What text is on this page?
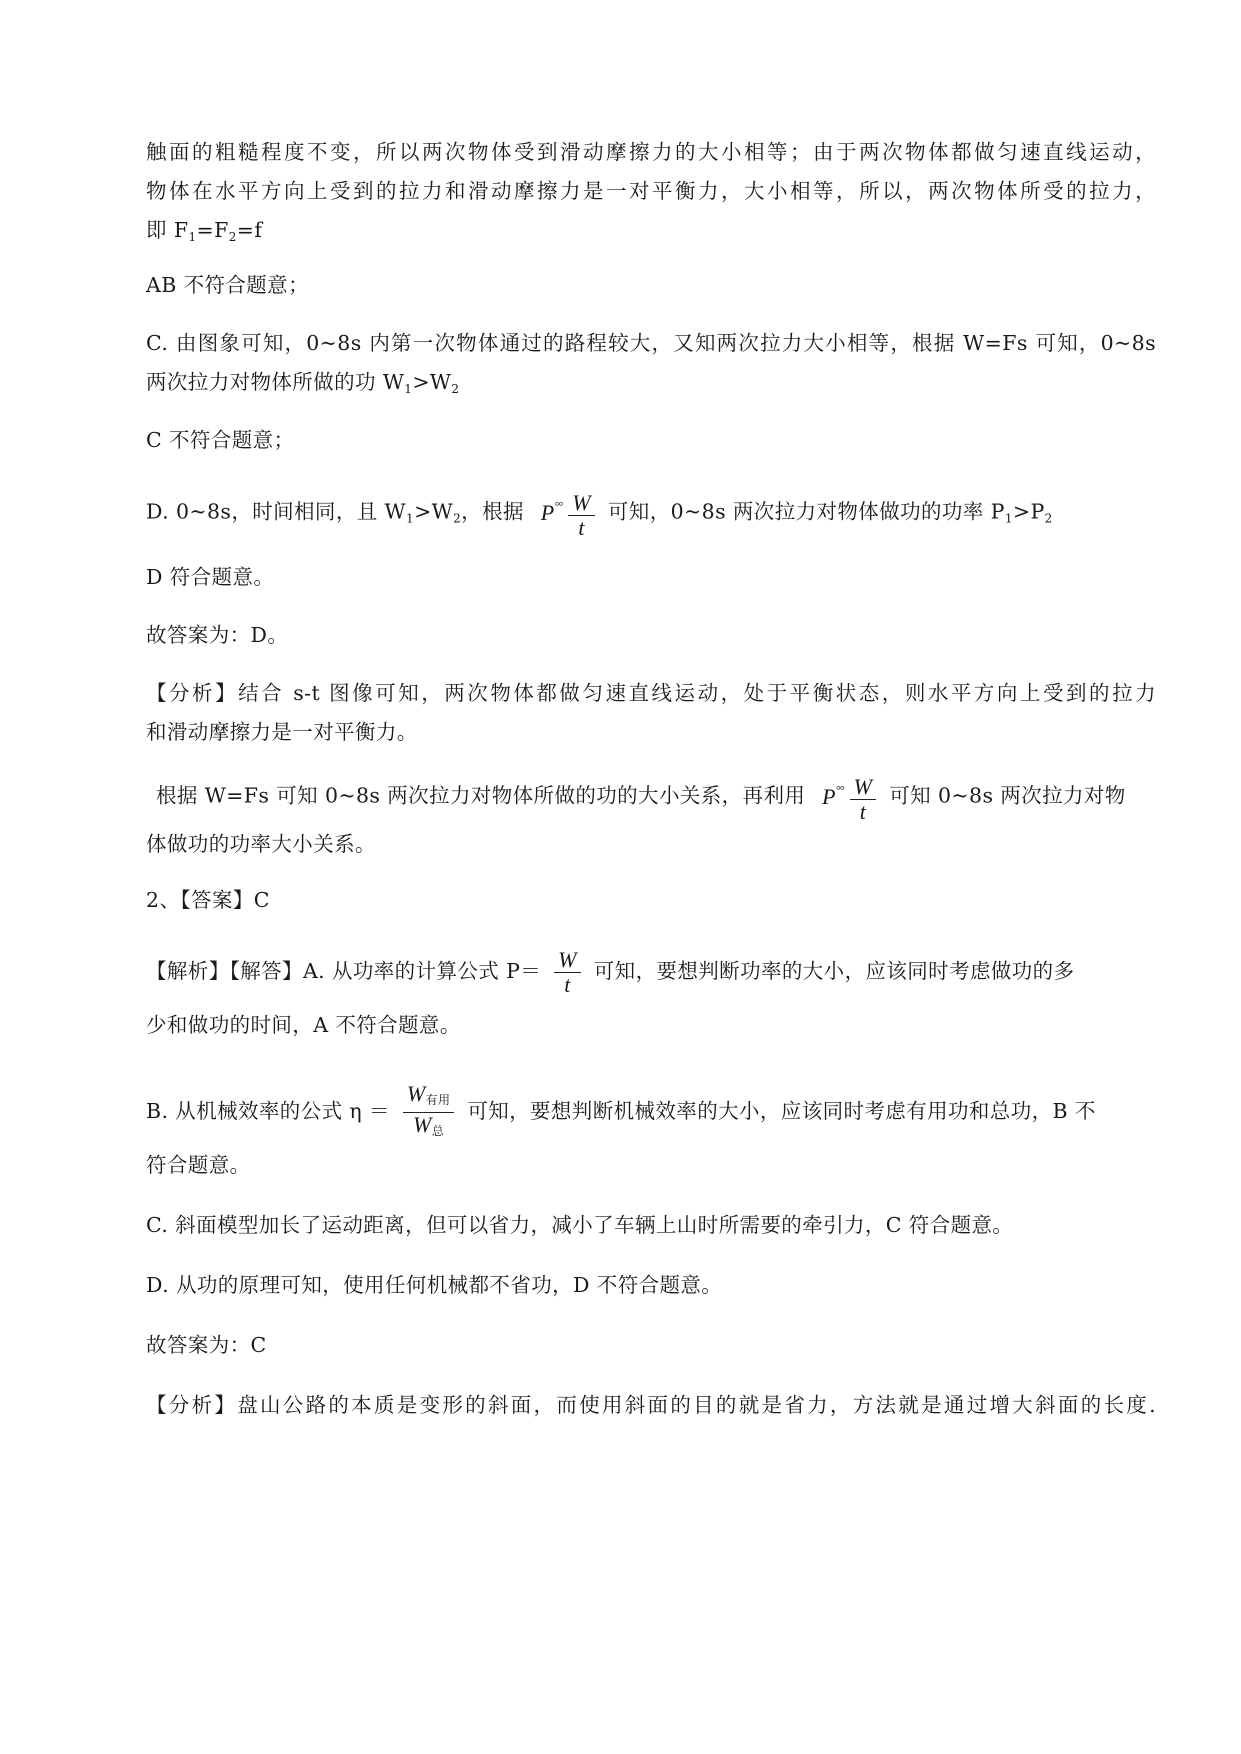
触面的粗糙程度不变，所以两次物体受到滑动摩擦力的大小相等；由于两次物体都做匀速直线运动，
物体在水平方向上受到的拉力和滑动摩擦力是一对平衡力，大小相等，所以，两次物体所受的拉力，
即 F1=F2=f
AB 不符合题意；
C. 由图象可知，0~8s 内第一次物体通过的路程较大，又知两次拉力大小相等，根据 W=Fs 可知，0~8s
两次拉力对物体所做的功 W1>W2
C 不符合题意；
D. 0~8s，时间相同，且 W1>W2，根据 $P^{^\circ^\circ} \frac{W}{t}$ 可知，0~8s 两次拉力对物体做功的功率 P1>P2
D 符合题意。
故答案为：D。
【分析】结合 s-t 图像可知，两次物体都做匀速直线运动，处于平衡状态，则水平方向上受到的拉力
和滑动摩擦力是一对平衡力。
根据 W=Fs 可知 0~8s 两次拉力对物体所做的功的大小关系，再利用 $P^{^\circ^\circ} \frac{W}{t}$ 可知 0~8s 两次拉力对物
体做功的功率大小关系。
2、【答案】C
【解析】【解答】A. 从功率的计算公式 $P= \frac{W}{t}$ 可知，要想判断功率的大小，应该同时考虑做功的多
少和做功的时间，A 不符合题意。
B. 从机械效率的公式 $\eta = \frac{W_{有用}}{W_总}$ 可知，要想判断机械效率的大小，应该同时考虑有用功和总功，B 不
符合题意。
C. 斜面模型加长了运动距离，但可以省力，减小了车辆上山时所需要的牵引力，C 符合题意。
D. 从功的原理可知，使用任何机械都不省功，D 不符合题意。
故答案为：C
【分析】盘山公路的本质是变形的斜面，而使用斜面的目的就是省力，方法就是通过增大斜面的长度.
